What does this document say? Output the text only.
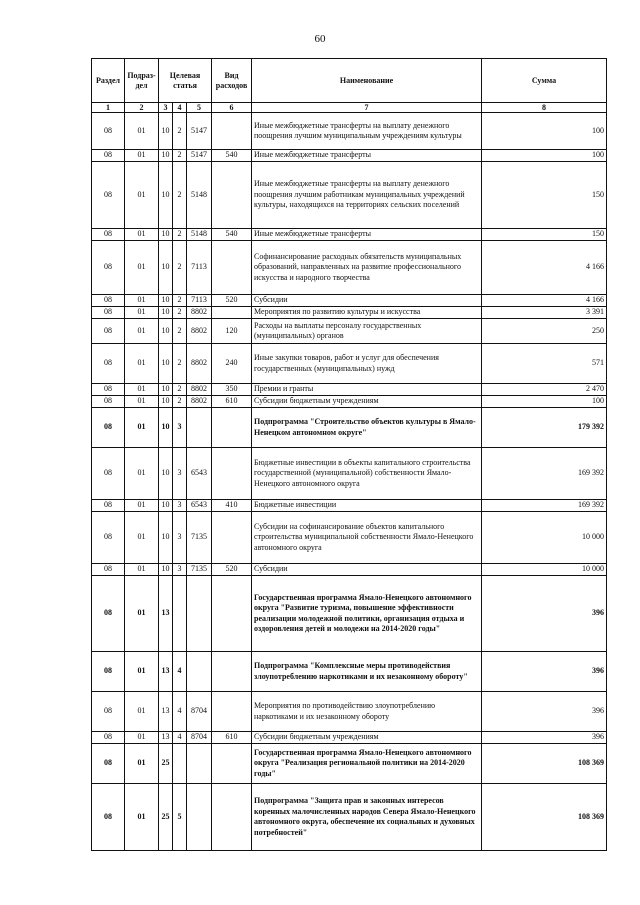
60
Раздел	Подраз-дел	Целевая статья			Вид расходов	Наименование	Сумма
1	2	3	4	5	6	7	8
08	01	10	2	5147		Иные межбюджетные трансферты на выплату денежного поощрения лучшим муниципальным учреждениям культуры	100
08	01	10	2	5147	540	Иные межбюджетные трансферты	100
08	01	10	2	5148		Иные межбюджетные трансферты на выплату денежного поощрения лучшим работникам муниципальных учреждений культуры, находящихся на территориях сельских поселений	150
08	01	10	2	5148	540	Иные межбюджетные трансферты	150
08	01	10	2	7113		Софинансирование расходных обязательств муниципальных образований, направленных на развитие профессионального искусства и народного творчества	4 166
08	01	10	2	7113	520	Субсидии	4 166
08	01	10	2	8802		Мероприятия по развитию культуры и искусства	3 391
08	01	10	2	8802	120	Расходы на выплаты персоналу государственных (муниципальных) органов	250
08	01	10	2	8802	240	Иные закупки товаров, работ и услуг для обеспечения государственных (муниципальных) нужд	571
08	01	10	2	8802	350	Премии и гранты	2 470
08	01	10	2	8802	610	Субсидии бюджетным учреждениям	100
08	01	10	3			Подпрограмма "Строительство объектов культуры в Ямало-Ненецком автономном округе"	179 392
08	01	10	3	6543		Бюджетные инвестиции в объекты капитального строительства государственной (муниципальной) собственности Ямало-Ненецкого автономного округа	169 392
08	01	10	3	6543	410	Бюджетные инвестиции	169 392
08	01	10	3	7135		Субсидии на софинансирование объектов капитального строительства муниципальной собственности Ямало-Ненецкого автономного округа	10 000
08	01	10	3	7135	520	Субсидии	10 000
08	01	13				Государственная программа Ямало-Ненецкого автономного округа "Развитие туризма, повышение эффективности реализации молодежной политики, организация отдыха и оздоровления детей и молодежи на 2014-2020 годы"	396
08	01	13	4			Подпрограмма "Комплексные меры противодействия злоупотреблению наркотиками и их незаконному обороту"	396
08	01	13	4	8704		Мероприятия по противодействию злоупотреблению наркотиками и их незаконному обороту	396
08	01	13	4	8704	610	Субсидии бюджетным учреждениям	396
08	01	25				Государственная программа Ямало-Ненецкого автономного округа "Реализация региональной политики на 2014-2020 годы"	108 369
08	01	25	5			Подпрограмма "Защита прав и законных интересов коренных малочисленных народов Севера Ямало-Ненецкого автономного округа, обеспечение их социальных и духовных потребностей"	108 369
